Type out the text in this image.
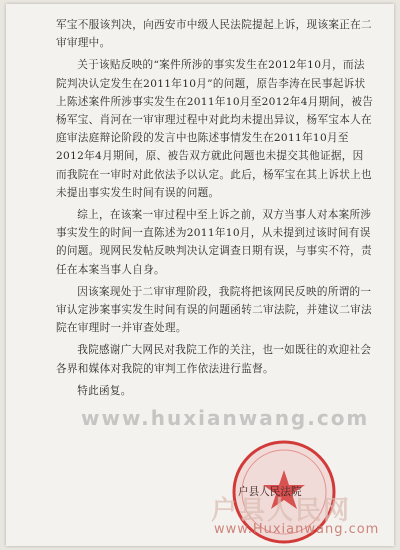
军宝不服该判决，向西安市中级人民法院提起上诉，现该案正在二审审理中。

关于该贴反映的“案件所涉的事实发生在2012年10月，而法院判决认定发生在2011年10月”的问题，原告李涛在民事起诉状上陈述案件所涉事实发生在2011年10月至2012年4月期间，被告杨军宝、肖河在一审审理过程中对此均未提出异议，杨军宝本人在庭审法庭辩论阶段的发言中也陈述事情发生在2011年10月至2012年4月期间，原、被告双方就此问题也未提交其他证据，因而我院在一审时对此依法予以认定。此后，杨军宝在其上诉状上也未提出事实发生时间有误的问题。

综上，在该案一审过程中至上诉之前，双方当事人对本案所涉事实发生的时间一直陈述为2011年10月，从未提到过该时间有误的问题。现网民发帖反映判决认定调查日期有误，与事实不符，责任在本案当事人自身。

因该案现处于二审审理阶段，我院将把该网民反映的所谓的一审认定涉案事实发生时间有误的问题函转二审法院，并建议二审法院在审理时一并审查处理。

我院感谢广大网民对我院工作的关注，也一如既往的欢迎社会各界和媒体对我院的审判工作依法进行监督。

特此函复。

www.huxianwang.com
户县人民法院
户县人民网
www.Huxianwang.com
